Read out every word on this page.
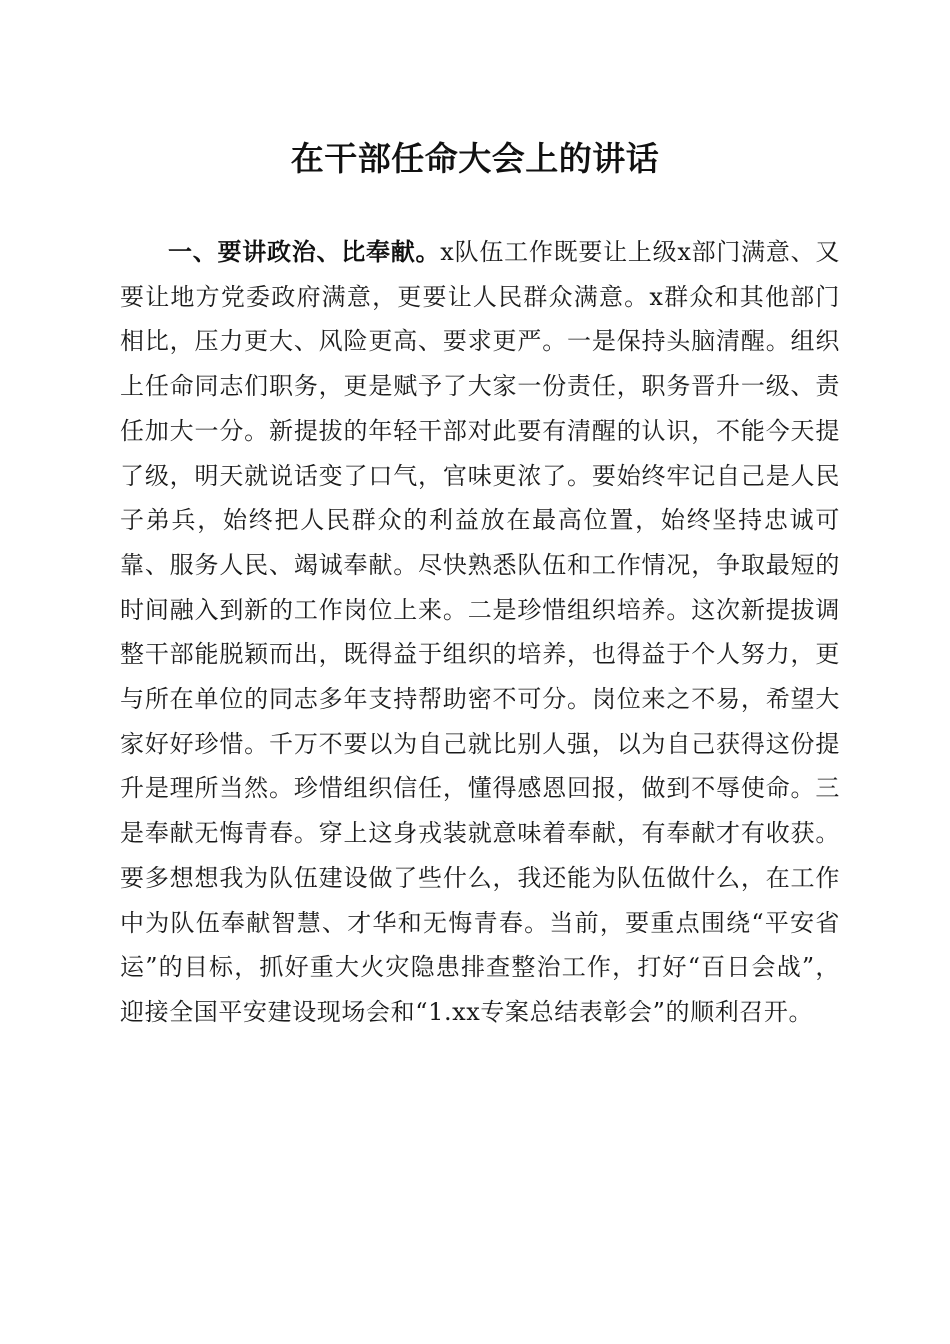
在干部任命大会上的讲话

一、要讲政治、比奉献。x队伍工作既要让上级x部门满意、又要让地方党委政府满意，更要让人民群众满意。x群众和其他部门相比，压力更大、风险更高、要求更严。一是保持头脑清醒。组织上任命同志们职务，更是赋予了大家一份责任，职务晋升一级、责任加大一分。新提拔的年轻干部对此要有清醒的认识，不能今天提了级，明天就说话变了口气，官味更浓了。要始终牢记自己是人民子弟兵，始终把人民群众的利益放在最高位置，始终坚持忠诚可靠、服务人民、竭诚奉献。尽快熟悉队伍和工作情况，争取最短的时间融入到新的工作岗位上来。二是珍惜组织培养。这次新提拔调整干部能脱颖而出，既得益于组织的培养，也得益于个人努力，更与所在单位的同志多年支持帮助密不可分。岗位来之不易，希望大家好好珍惜。千万不要以为自己就比别人强，以为自己获得这份提升是理所当然。珍惜组织信任，懂得感恩回报，做到不辱使命。三是奉献无悔青春。穿上这身戎装就意味着奉献，有奉献才有收获。要多想想我为队伍建设做了些什么，我还能为队伍做什么，在工作中为队伍奉献智慧、才华和无悔青春。当前，要重点围绕“平安省运”的目标，抓好重大火灾隐患排查整治工作，打好“百日会战”，迎接全国平安建设现场会和“1.xx专案总结表彰会”的顺利召开。
